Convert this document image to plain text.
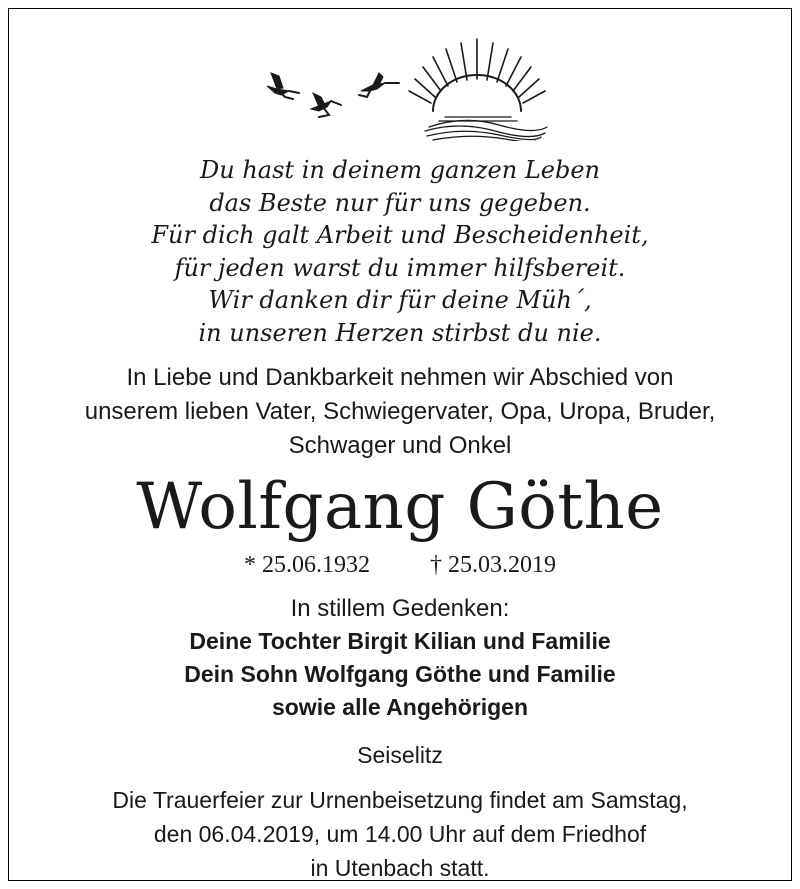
Du hast in deinem ganzen Leben
das Beste nur für uns gegeben.
Für dich galt Arbeit und Bescheidenheit,
für jeden warst du immer hilfsbereit.
Wir danken dir für deine Müh´,
in unseren Herzen stirbst du nie.
In Liebe und Dankbarkeit nehmen wir Abschied von
unserem lieben Vater, Schwiegervater, Opa, Uropa, Bruder,
Schwager und Onkel
Wolfgang Göthe
* 25.06.1932	† 25.03.2019
In stillem Gedenken:
Deine Tochter Birgit Kilian und Familie
Dein Sohn Wolfgang Göthe und Familie
sowie alle Angehörigen
Seiselitz
Die Trauerfeier zur Urnenbeisetzung findet am Samstag,
den 06.04.2019, um 14.00 Uhr auf dem Friedhof
in Utenbach statt.
